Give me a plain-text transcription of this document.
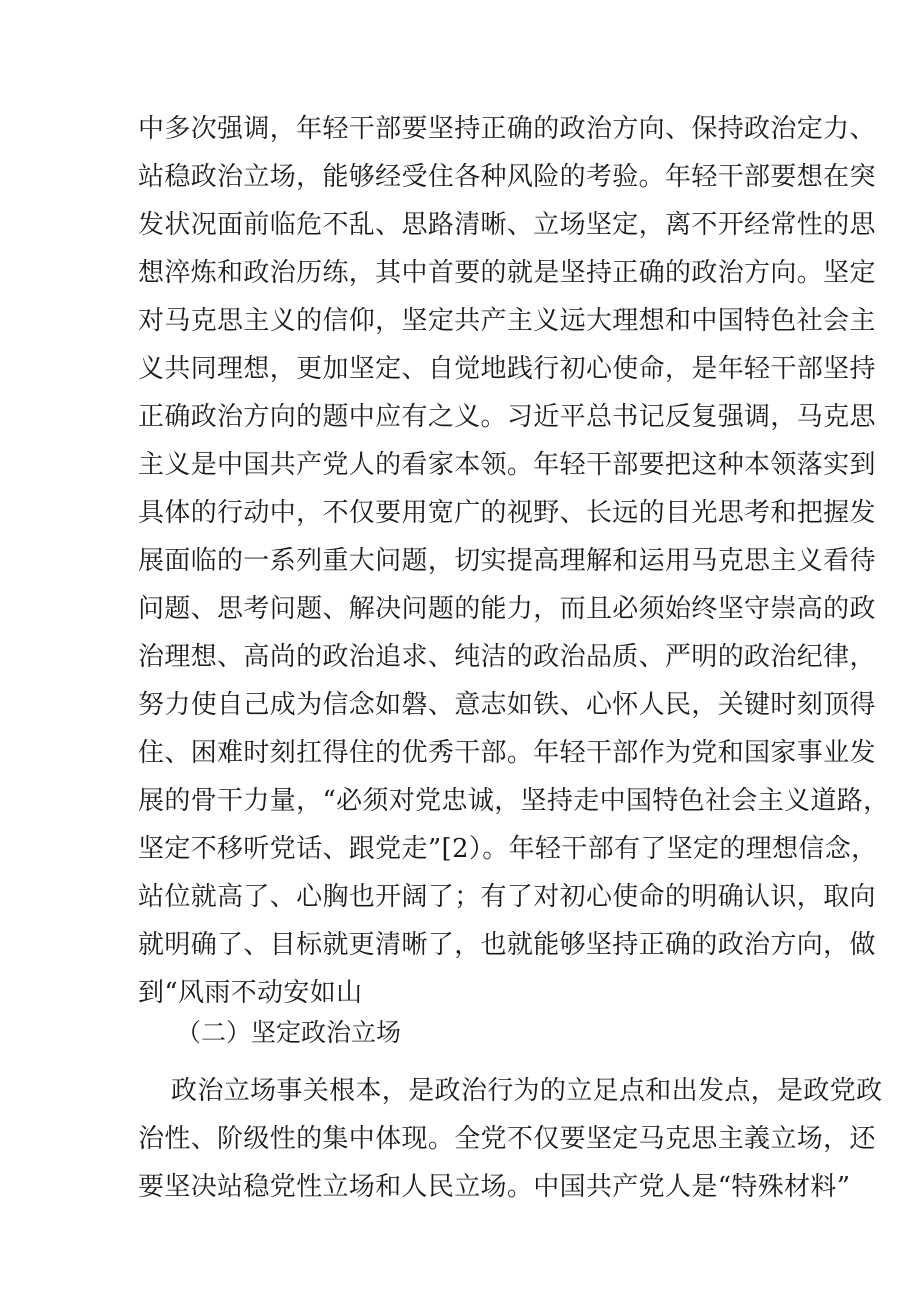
中多次强调，年轻干部要坚持正确的政治方向、保持政治定力、
站稳政治立场，能够经受住各种风险的考验。年轻干部要想在突
发状况面前临危不乱、思路清晰、立场坚定，离不开经常性的思
想淬炼和政治历练，其中首要的就是坚持正确的政治方向。坚定
对马克思主义的信仰，坚定共产主义远大理想和中国特色社会主
义共同理想，更加坚定、自觉地践行初心使命，是年轻干部坚持
正确政治方向的题中应有之义。习近平总书记反复强调，马克思
主义是中国共产党人的看家本领。年轻干部要把这种本领落实到
具体的行动中，不仅要用宽广的视野、长远的目光思考和把握发
展面临的一系列重大问题，切实提高理解和运用马克思主义看待
问题、思考问题、解决问题的能力，而且必须始终坚守崇高的政
治理想、高尚的政治追求、纯洁的政治品质、严明的政治纪律，
努力使自己成为信念如磐、意志如铁、心怀人民，关键时刻顶得
住、困难时刻扛得住的优秀干部。年轻干部作为党和国家事业发
展的骨干力量，“必须对党忠诚，坚持走中国特色社会主义道路，
坚定不移听党话、跟党走”[2）。年轻干部有了坚定的理想信念，
站位就高了、心胸也开阔了；有了对初心使命的明确认识，取向
就明确了、目标就更清晰了，也就能够坚持正确的政治方向，做
到“风雨不动安如山
（二）坚定政治立场
政治立场事关根本，是政治行为的立足点和出发点，是政党政
治性、阶级性的集中体现。全党不仅要坚定马克思主義立场，还
要坚决站稳党性立场和人民立场。中国共产党人是“特殊材料”
